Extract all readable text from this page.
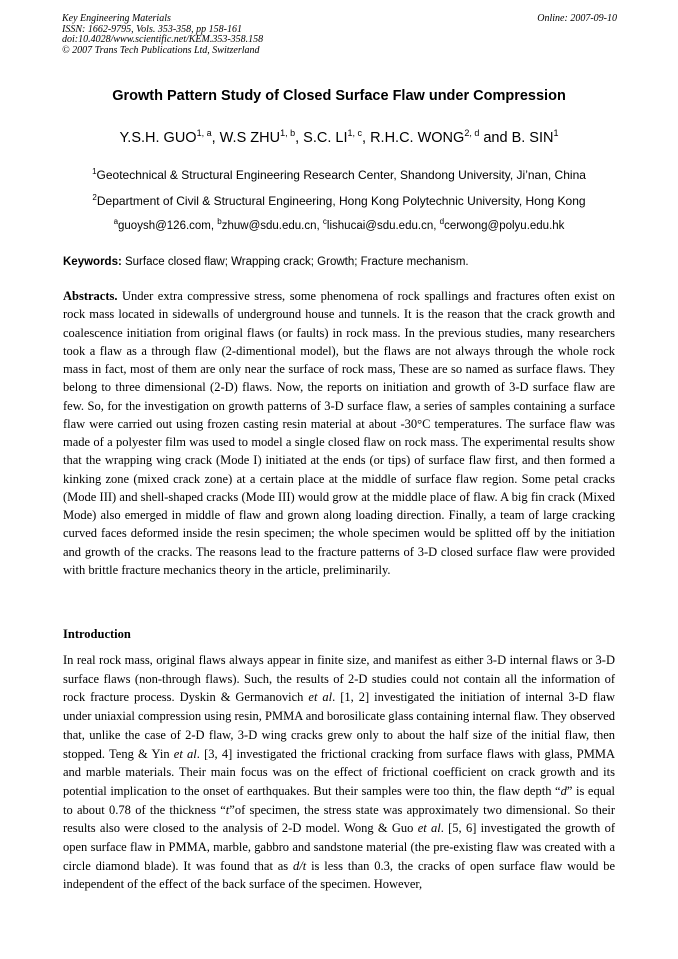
Key Engineering Materials
ISSN: 1662-9795, Vols. 353-358, pp 158-161
doi:10.4028/www.scientific.net/KEM.353-358.158
© 2007 Trans Tech Publications Ltd, Switzerland
Online: 2007-09-10
Growth Pattern Study of Closed Surface Flaw under Compression
Y.S.H. GUO$^{1, a}$, W.S ZHU$^{1, b}$, S.C. LI$^{1, c}$, R.H.C. WONG$^{2, d}$ and B. SIN$^1$
$^1$Geotechnical & Structural Engineering Research Center, Shandong University, Ji’nan, China
$^2$Department of Civil & Structural Engineering, Hong Kong Polytechnic University, Hong Kong
$^a$guoysh@126.com, $^b$zhuw@sdu.edu.cn, $^c$lishucai@sdu.edu.cn, $^d$cerwong@polyu.edu.hk
Keywords: Surface closed flaw; Wrapping crack; Growth; Fracture mechanism.
Abstracts. Under extra compressive stress, some phenomena of rock spallings and fractures often exist on rock mass located in sidewalls of underground house and tunnels. It is the reason that the crack growth and coalescence initiation from original flaws (or faults) in rock mass. In the previous studies, many researchers took a flaw as a through flaw (2-dimentional model), but the flaws are not always through the whole rock mass in fact, most of them are only near the surface of rock mass, These are so named as surface flaws. They belong to three dimensional (2-D) flaws. Now, the reports on initiation and growth of 3-D surface flaw are few. So, for the investigation on growth patterns of 3-D surface flaw, a series of samples containing a surface flaw were carried out using frozen casting resin material at about -30°C temperatures. The surface flaw was made of a polyester film was used to model a single closed flaw on rock mass. The experimental results show that the wrapping wing crack (Mode I) initiated at the ends (or tips) of surface flaw first, and then formed a kinking zone (mixed crack zone) at a certain place at the middle of surface flaw region. Some petal cracks (Mode III) and shell-shaped cracks (Mode III) would grow at the middle place of flaw. A big fin crack (Mixed Mode) also emerged in middle of flaw and grown along loading direction. Finally, a team of large cracking curved faces deformed inside the resin specimen; the whole specimen would be splitted off by the initiation and growth of the cracks. The reasons lead to the fracture patterns of 3-D closed surface flaw were provided with brittle fracture mechanics theory in the article, preliminarily.
Introduction
In real rock mass, original flaws always appear in finite size, and manifest as either 3-D internal flaws or 3-D surface flaws (non-through flaws). Such, the results of 2-D studies could not contain all the information of rock fracture process. Dyskin & Germanovich et al. [1, 2] investigated the initiation of internal 3-D flaw under uniaxial compression using resin, PMMA and borosilicate glass containing internal flaw. They observed that, unlike the case of 2-D flaw, 3-D wing cracks grew only to about the half size of the initial flaw, then stopped. Teng & Yin et al. [3, 4] investigated the frictional cracking from surface flaws with glass, PMMA and marble materials. Their main focus was on the effect of frictional coefficient on crack growth and its potential implication to the onset of earthquakes. But their samples were too thin, the flaw depth “d” is equal to about 0.78 of the thickness “t”of specimen, the stress state was approximately two dimensional. So their results also were closed to the analysis of 2-D model. Wong & Guo et al. [5, 6] investigated the growth of open surface flaw in PMMA, marble, gabbro and sandstone material (the pre-existing flaw was created with a circle diamond blade). It was found that as d/t is less than 0.3, the cracks of open surface flaw would be independent of the effect of the back surface of the specimen. However,
